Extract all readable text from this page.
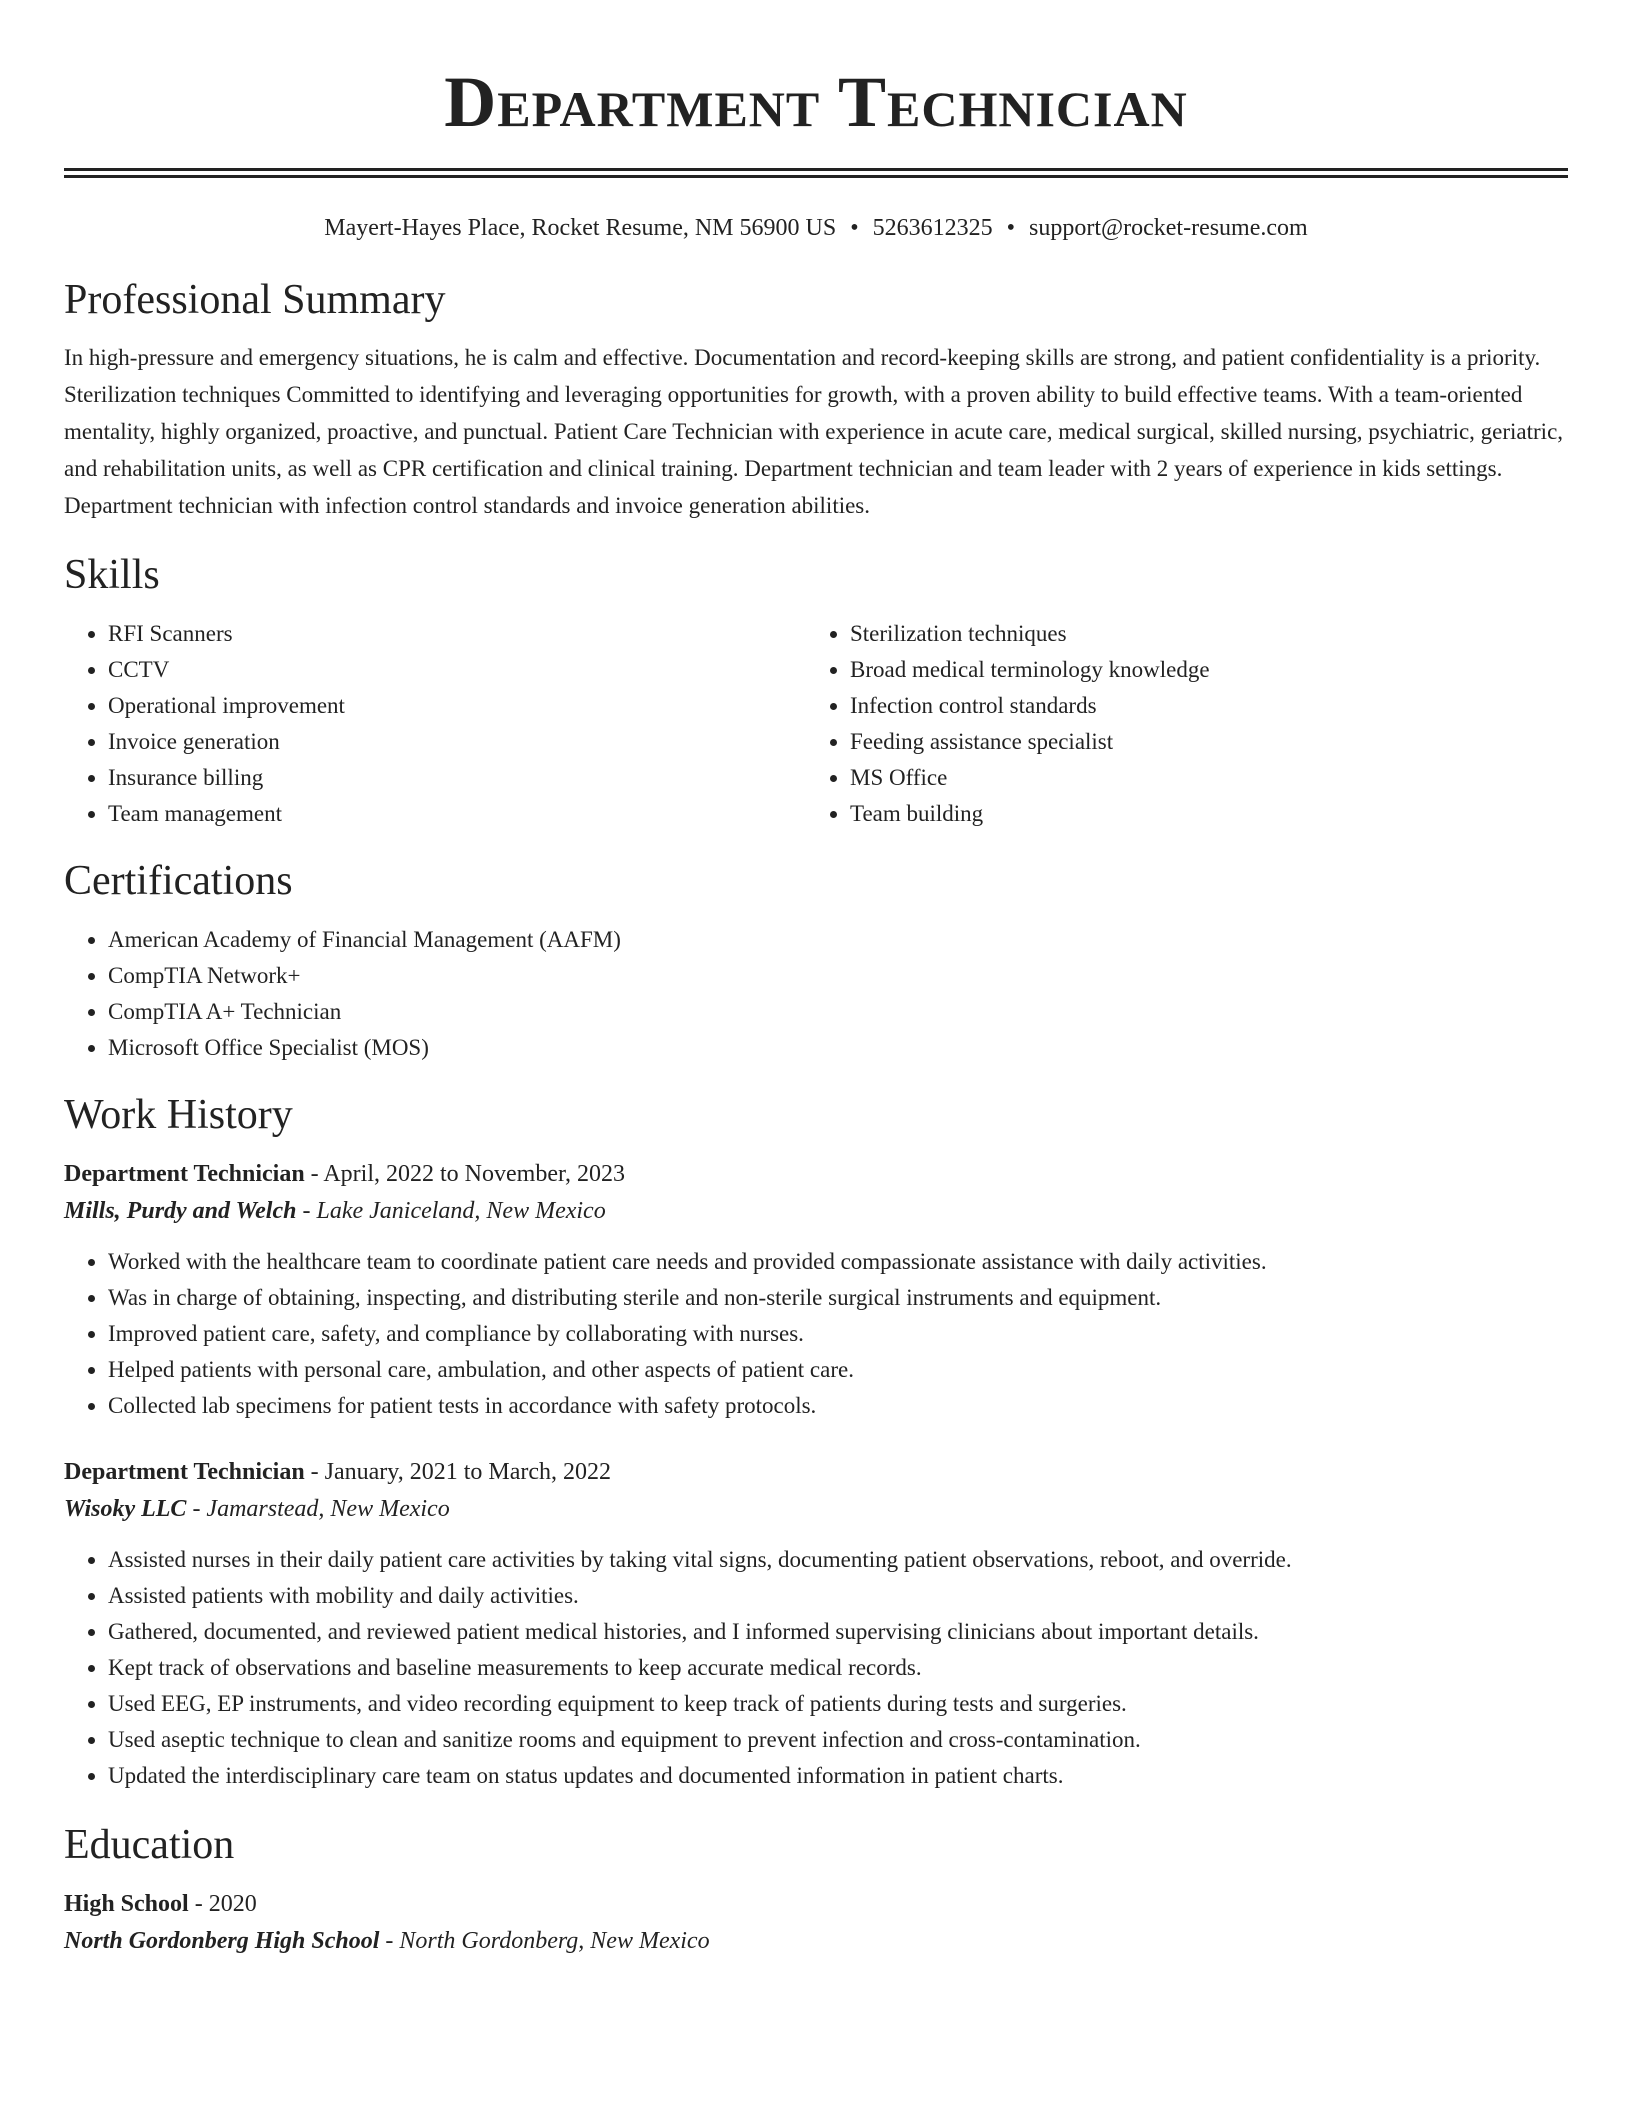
Department Technician
Mayert-Hayes Place, Rocket Resume, NM 56900 US • 5263612325 • support@rocket-resume.com
Professional Summary

In high-pressure and emergency situations, he is calm and effective. Documentation and record-keeping skills are strong, and patient confidentiality is a priority. Sterilization techniques Committed to identifying and leveraging opportunities for growth, with a proven ability to build effective teams. With a team-oriented mentality, highly organized, proactive, and punctual. Patient Care Technician with experience in acute care, medical surgical, skilled nursing, psychiatric, geriatric, and rehabilitation units, as well as CPR certification and clinical training. Department technician and team leader with 2 years of experience in kids settings. Department technician with infection control standards and invoice generation abilities.

Skills
• RFI Scanners
• CCTV
• Operational improvement
• Invoice generation
• Insurance billing
• Team management
• Sterilization techniques
• Broad medical terminology knowledge
• Infection control standards
• Feeding assistance specialist
• MS Office
• Team building
Certifications
• American Academy of Financial Management (AAFM)
• CompTIA Network+
• CompTIA A+ Technician
• Microsoft Office Specialist (MOS)
Work History
Department Technician - April, 2022 to November, 2023
Mills, Purdy and Welch - Lake Janiceland, New Mexico
• Worked with the healthcare team to coordinate patient care needs and provided compassionate assistance with daily activities.
• Was in charge of obtaining, inspecting, and distributing sterile and non-sterile surgical instruments and equipment.
• Improved patient care, safety, and compliance by collaborating with nurses.
• Helped patients with personal care, ambulation, and other aspects of patient care.
• Collected lab specimens for patient tests in accordance with safety protocols.
Department Technician - January, 2021 to March, 2022
Wisoky LLC - Jamarstead, New Mexico
• Assisted nurses in their daily patient care activities by taking vital signs, documenting patient observations, reboot, and override.
• Assisted patients with mobility and daily activities.
• Gathered, documented, and reviewed patient medical histories, and I informed supervising clinicians about important details.
• Kept track of observations and baseline measurements to keep accurate medical records.
• Used EEG, EP instruments, and video recording equipment to keep track of patients during tests and surgeries.
• Used aseptic technique to clean and sanitize rooms and equipment to prevent infection and cross-contamination.
• Updated the interdisciplinary care team on status updates and documented information in patient charts.
Education
High School - 2020
North Gordonberg High School - North Gordonberg, New Mexico
